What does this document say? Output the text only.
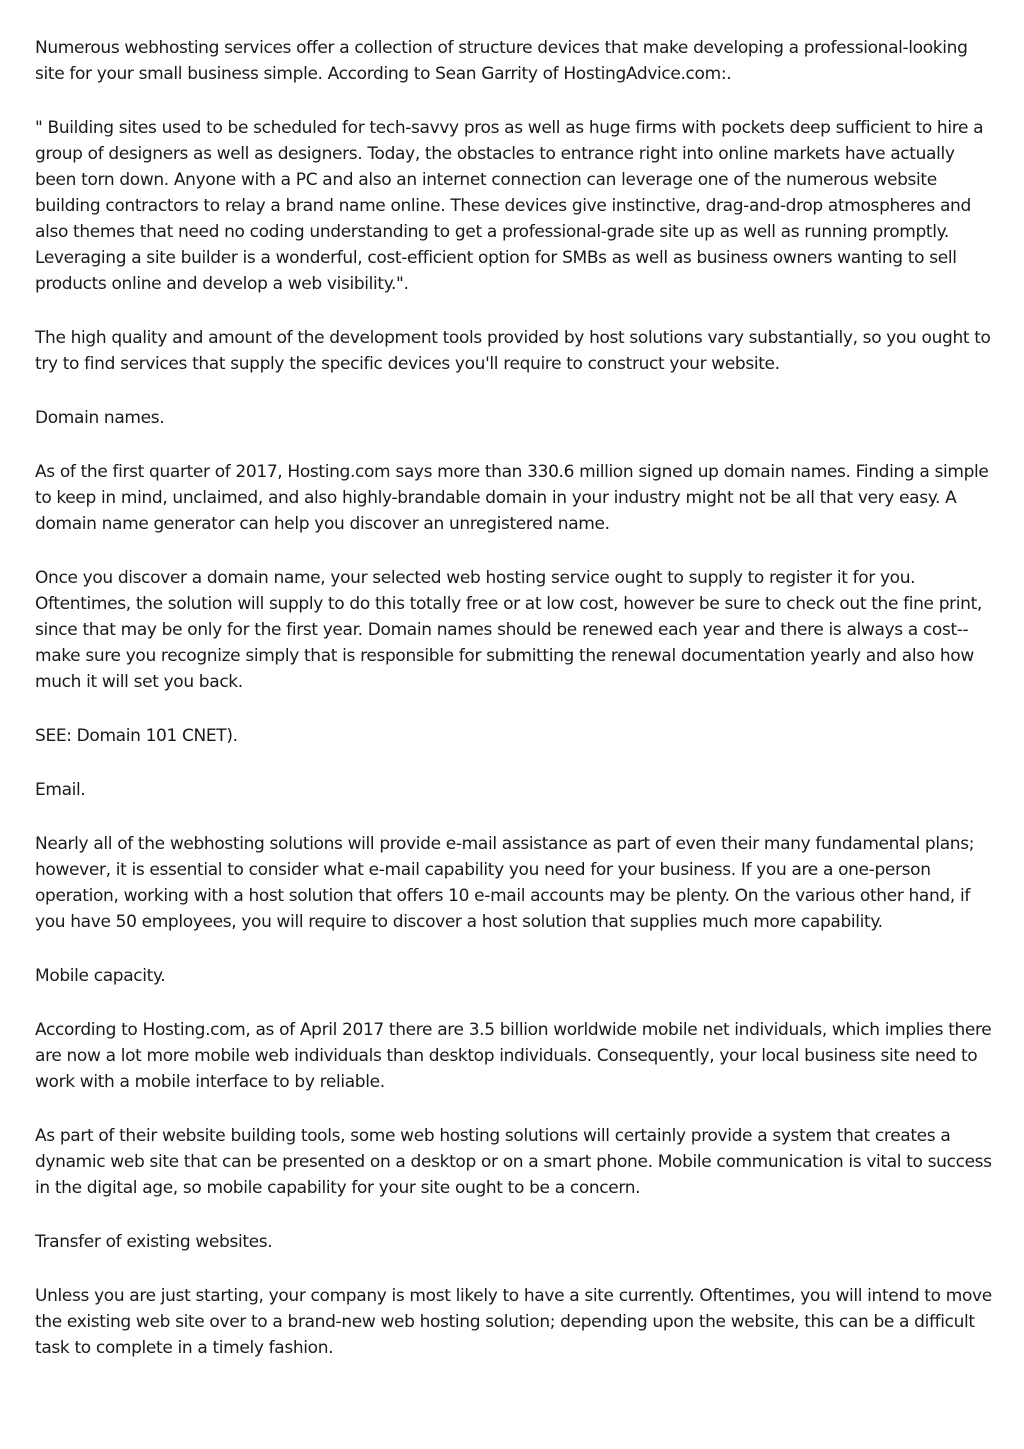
Numerous webhosting services offer a collection of structure devices that make developing a professional-looking site for your small business simple. According to Sean Garrity of HostingAdvice.com:.

" Building sites used to be scheduled for tech-savvy pros as well as huge firms with pockets deep sufficient to hire a group of designers as well as designers. Today, the obstacles to entrance right into online markets have actually been torn down. Anyone with a PC and also an internet connection can leverage one of the numerous website building contractors to relay a brand name online. These devices give instinctive, drag-and-drop atmospheres and also themes that need no coding understanding to get a professional-grade site up as well as running promptly. Leveraging a site builder is a wonderful, cost-efficient option for SMBs as well as business owners wanting to sell products online and develop a web visibility.".

The high quality and amount of the development tools provided by host solutions vary substantially, so you ought to try to find services that supply the specific devices you'll require to construct your website.

Domain names.

As of the first quarter of 2017, Hosting.com says more than 330.6 million signed up domain names. Finding a simple to keep in mind, unclaimed, and also highly-brandable domain in your industry might not be all that very easy. A domain name generator can help you discover an unregistered name.

Once you discover a domain name, your selected web hosting service ought to supply to register it for you. Oftentimes, the solution will supply to do this totally free or at low cost, however be sure to check out the fine print, since that may be only for the first year. Domain names should be renewed each year and there is always a cost-- make sure you recognize simply that is responsible for submitting the renewal documentation yearly and also how much it will set you back.

SEE: Domain 101 CNET).

Email.

Nearly all of the webhosting solutions will provide e-mail assistance as part of even their many fundamental plans; however, it is essential to consider what e-mail capability you need for your business. If you are a one-person operation, working with a host solution that offers 10 e-mail accounts may be plenty. On the various other hand, if you have 50 employees, you will require to discover a host solution that supplies much more capability.

Mobile capacity.

According to Hosting.com, as of April 2017 there are 3.5 billion worldwide mobile net individuals, which implies there are now a lot more mobile web individuals than desktop individuals. Consequently, your local business site need to work with a mobile interface to by reliable.

As part of their website building tools, some web hosting solutions will certainly provide a system that creates a dynamic web site that can be presented on a desktop or on a smart phone. Mobile communication is vital to success in the digital age, so mobile capability for your site ought to be a concern.

Transfer of existing websites.

Unless you are just starting, your company is most likely to have a site currently. Oftentimes, you will intend to move the existing web site over to a brand-new web hosting solution; depending upon the website, this can be a difficult task to complete in a timely fashion.
